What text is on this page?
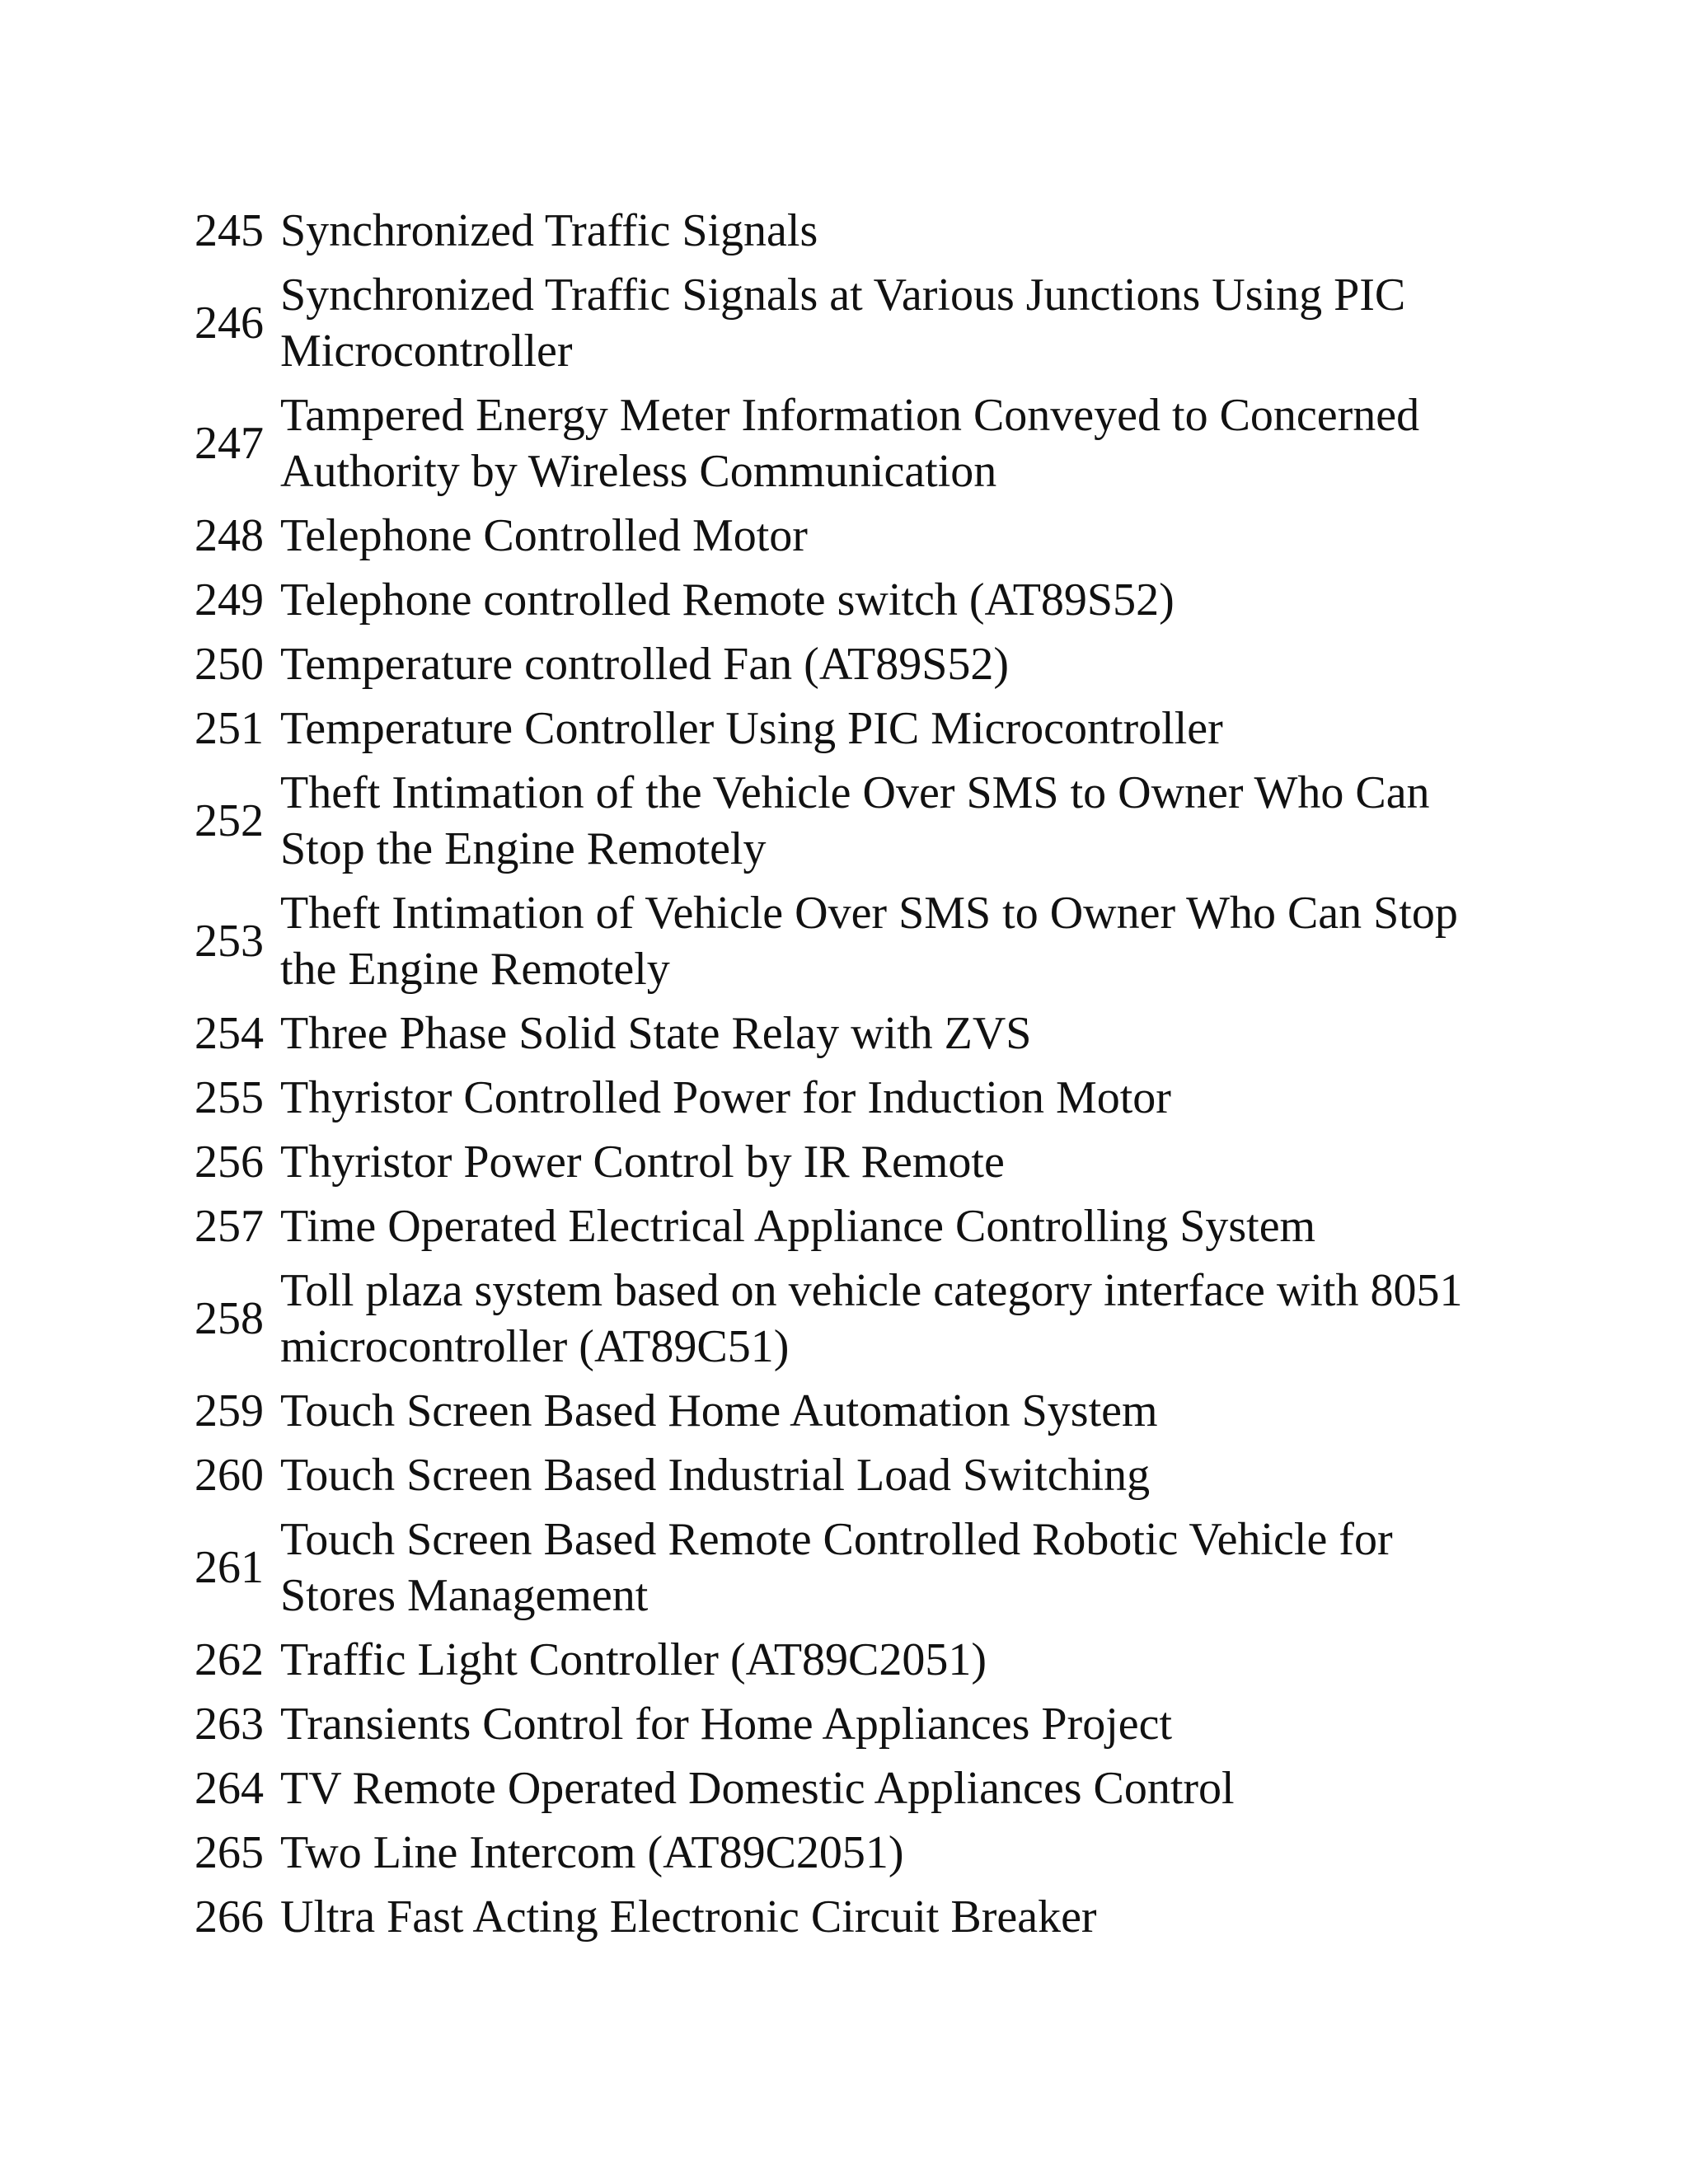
245 Synchronized Traffic Signals
246
Synchronized Traffic Signals at Various Junctions Using PIC Microcontroller
247
Tampered Energy Meter Information Conveyed to Concerned Authority by Wireless Communication
248 Telephone Controlled Motor
249 Telephone controlled Remote switch (AT89S52)
250 Temperature controlled Fan (AT89S52)
251 Temperature Controller Using PIC Microcontroller
252
Theft Intimation of the Vehicle Over SMS to Owner Who Can Stop the Engine Remotely
253
Theft Intimation of Vehicle Over SMS to Owner Who Can Stop the Engine Remotely
254 Three Phase Solid State Relay with ZVS
255 Thyristor Controlled Power for Induction Motor
256 Thyristor Power Control by IR Remote
257 Time Operated Electrical Appliance Controlling System
258
Toll plaza system based on vehicle category interface with 8051 microcontroller (AT89C51)
259 Touch Screen Based Home Automation System
260 Touch Screen Based Industrial Load Switching
261
Touch Screen Based Remote Controlled Robotic Vehicle for Stores Management
262 Traffic Light Controller (AT89C2051)
263 Transients Control for Home Appliances Project
264 TV Remote Operated Domestic Appliances Control
265 Two Line Intercom (AT89C2051)
266 Ultra Fast Acting Electronic Circuit Breaker
